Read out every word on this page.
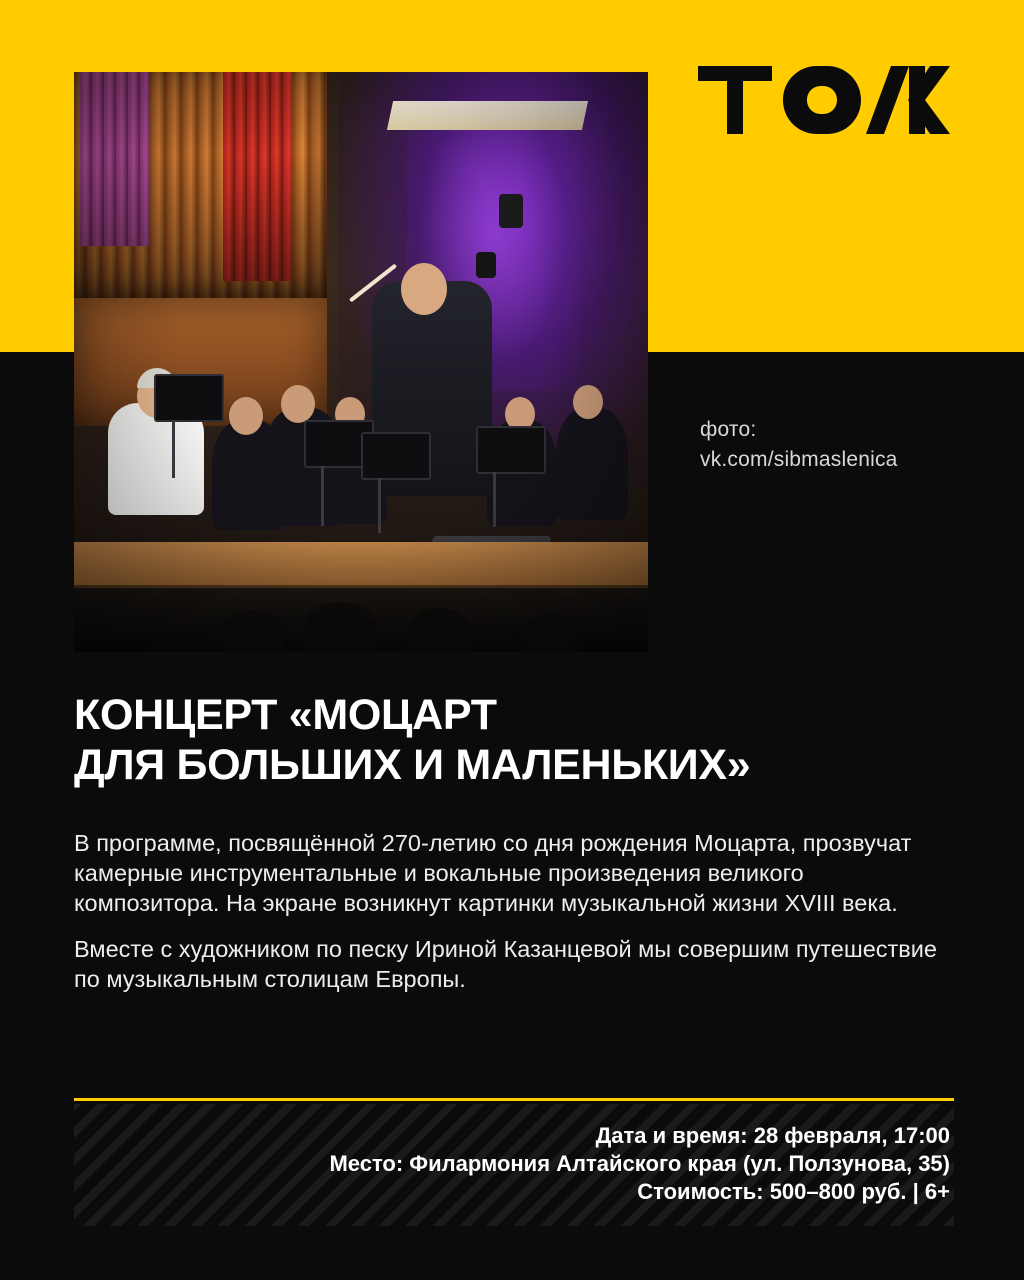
фото:
vk.com/sibmaslenica
КОНЦЕРТ «МОЦАРТ
ДЛЯ БОЛЬШИХ И МАЛЕНЬКИХ»

В программе, посвящённой 270-летию со дня рождения Моцарта, прозвучат камерные инструментальные и вокальные произведения великого композитора. На экране возникнут картинки музыкальной жизни XVIII века.

Вместе с художником по песку Ириной Казанцевой мы совершим путешествие по музыкальным столицам Европы.

Дата и время: 28 февраля, 17:00
Место: Филармония Алтайского края (ул. Ползунова, 35)
Стоимость: 500–800 руб. | 6+
